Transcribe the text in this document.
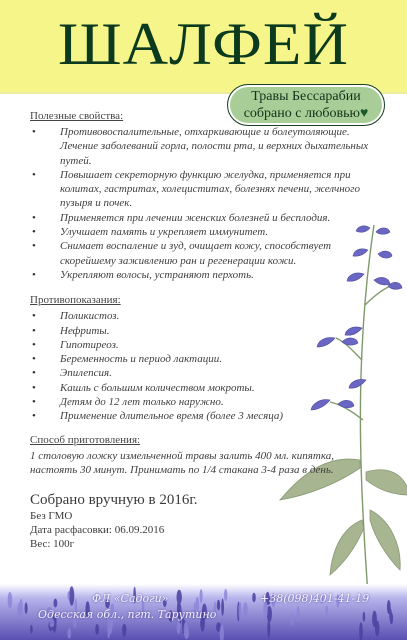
ШАЛФЕЙ
Травы Бессарабии
собрано с любовью♥

Полезные свойства:

• Противовоспалительные, отхаркивающие и болеутоляющие. Лечение заболеваний горла, полости рта, и верхних дыхательных путей.
• Повышает секреторную функцию желудка, применяется при колитах, гастритах, холециститах, болезнях печени, желчного пузыря и почек.
• Применяется при лечении женских болезней и бесплодия.
• Улучшает память и укрепляет иммунитет.
• Снимает воспаление и зуд, очищает кожу, способствует скорейшему заживлению ран и регенерации кожи.
• Укрепляют волосы, устраняют перхоть.

Противопоказания:

• Поликистоз.
• Нефриты.
• Гипотиреоз.
• Беременность и период лактации.
• Эпилепсия.
• Кашль с большим количеством мокроты.
• Детям до 12 лет только наружно.
• Применение длительное время (более 3 месяца)

Способ приготовления:

1 столовую ложку измельченной травы залить 400 мл. кипятка, настоять 30 минут. Принимать по 1/4 стакана 3-4 раза в день.

Собрано вручную в 2016г.

Без ГМО

Дата расфасовки: 06.09.2016

Вес: 100г

ФЛ «Садоги»	+38(098)401-41-19
Одесская обл., пгт. Тарутино
